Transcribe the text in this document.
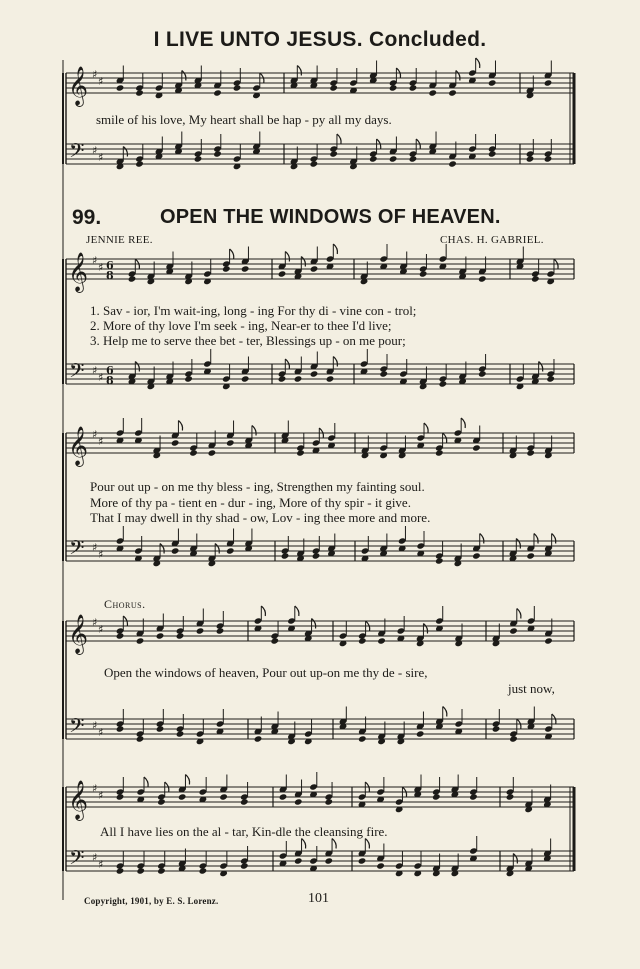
I LIVE UNTO JESUS. Concluded.
99.	OPEN THE WINDOWS OF HEAVEN.
JENNIE REE.	CHAS. H. GABRIEL.
smile of his love, My heart shall be hap - py all my days.
1. Sav - ior, I'm wait-ing, long - ing For thy di - vine con - trol;
2. More of thy love I'm seek - ing, Near-er to thee I'd live;
3. Help me to serve thee bet - ter, Blessings up - on me pour;
Pour out up - on me thy bless - ing, Strengthen my fainting soul.
More of thy pa - tient en - dur - ing, More of thy spir - it give.
That I may dwell in thy shad - ow, Lov - ing thee more and more.
Chorus.
Open the windows of heaven, Pour out up-on me thy de - sire,
just now,
All I have lies on the al - tar, Kin-dle the cleansing fire.
Copyright, 1901, by E. S. Lorenz.	101
𝄞
𝄢
♯
♯
♯
♯
𝄞
𝄢
♯
♯
♯
♯
6
8
6
8
𝄞
𝄢
♯
♯
♯
♯
𝄞
𝄢
♯
♯
♯
♯
𝄞
𝄢
♯
♯
♯
♯
